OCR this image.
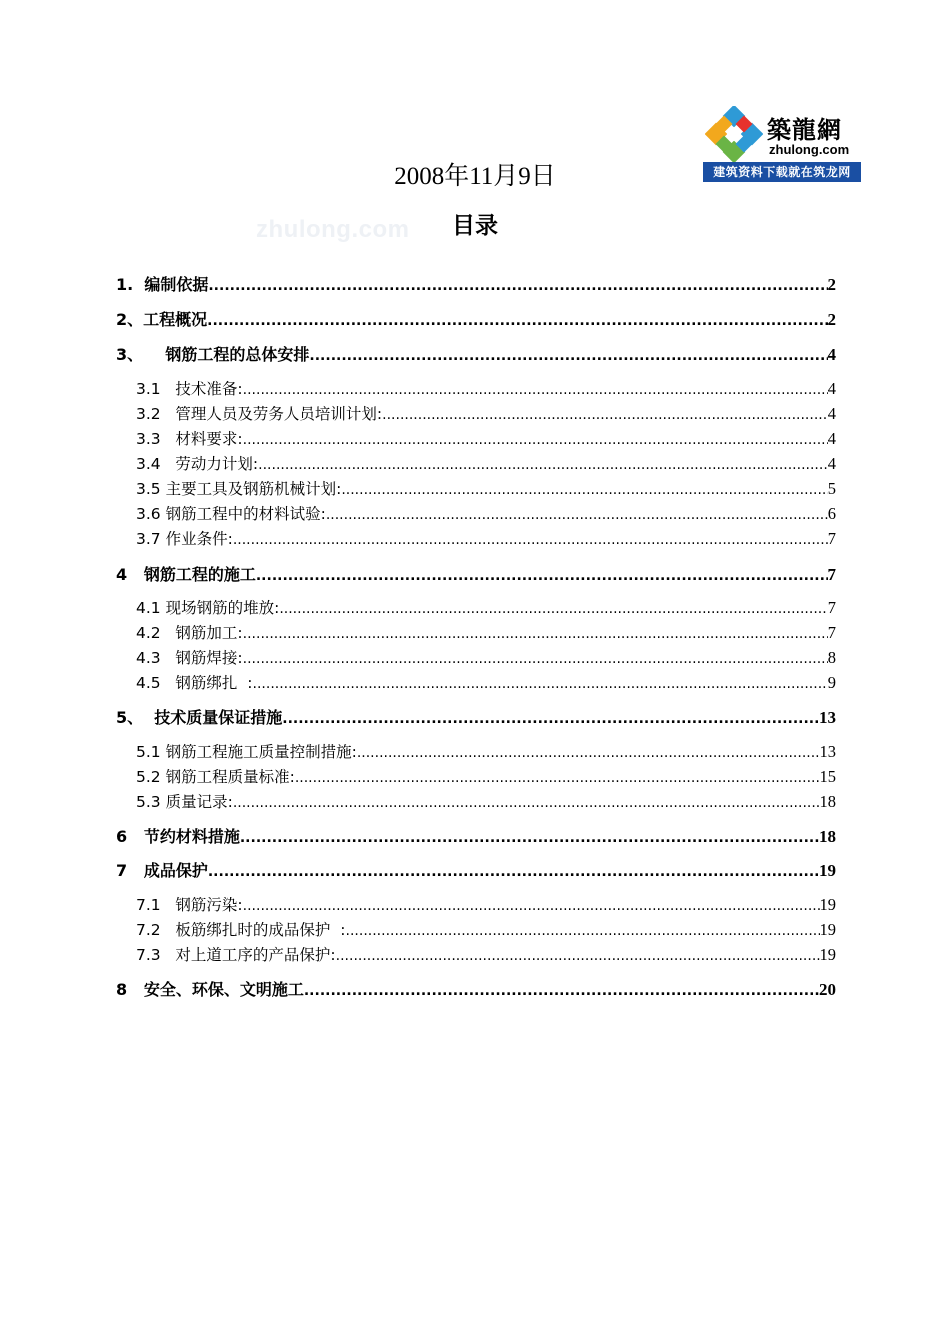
築龍網
zhulong.com
建筑资料下载就在筑龙网
2008年11月9日
zhulong.com	目录
1.  编制依据 .....	2
2、工程概况 .....	2
3、    钢筋工程的总体安排 .....	4
3.1   技术准备: .....	4
3.2   管理人员及劳务人员培训计划: .....	4
3.3   材料要求: .....	4
3.4   劳动力计划: .....	4
3.5 主要工具及钢筋机械计划: .....	5
3.6 钢筋工程中的材料试验: .....	6
3.7 作业条件: .....	7
4   钢筋工程的施工 .....	7
4.1 现场钢筋的堆放: .....	7
4.2   钢筋加工: .....	7
4.3   钢筋焊接: .....	8
4.5   钢筋绑扎  : .....	9
5、  技术质量保证措施 .....	13
5.1 钢筋工程施工质量控制措施: .....	13
5.2 钢筋工程质量标准: .....	15
5.3 质量记录: .....	18
6   节约材料措施 .....	18
7   成品保护 .....	19
7.1   钢筋污染: .....	19
7.2   板筋绑扎时的成品保护  : .....	19
7.3   对上道工序的产品保护: .....	19
8   安全、环保、文明施工 .....	20
